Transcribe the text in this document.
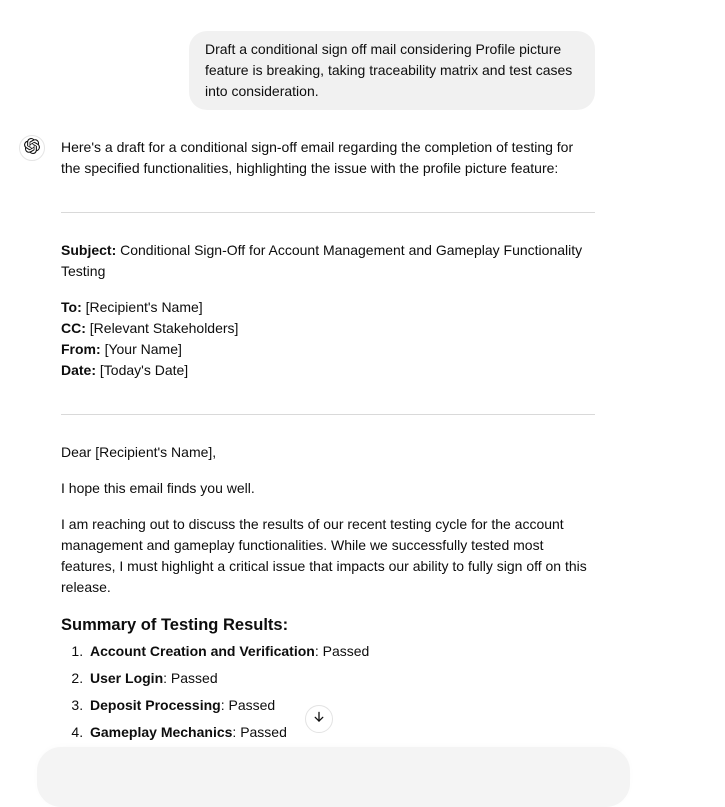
Draft a conditional sign off mail considering Profile picture feature is breaking, taking traceability matrix and test cases into consideration.

Here's a draft for a conditional sign-off email regarding the completion of testing for the specified functionalities, highlighting the issue with the profile picture feature:

Subject: Conditional Sign-Off for Account Management and Gameplay Functionality Testing

To: [Recipient's Name]
CC: [Relevant Stakeholders]
From: [Your Name]
Date: [Today's Date]

Dear [Recipient's Name],

I hope this email finds you well.

I am reaching out to discuss the results of our recent testing cycle for the account management and gameplay functionalities. While we successfully tested most features, I must highlight a critical issue that impacts our ability to fully sign off on this release.

Summary of Testing Results:
1. Account Creation and Verification: Passed
2. User Login: Passed
3. Deposit Processing: Passed
4. Gameplay Mechanics: Passed
5.
6.
